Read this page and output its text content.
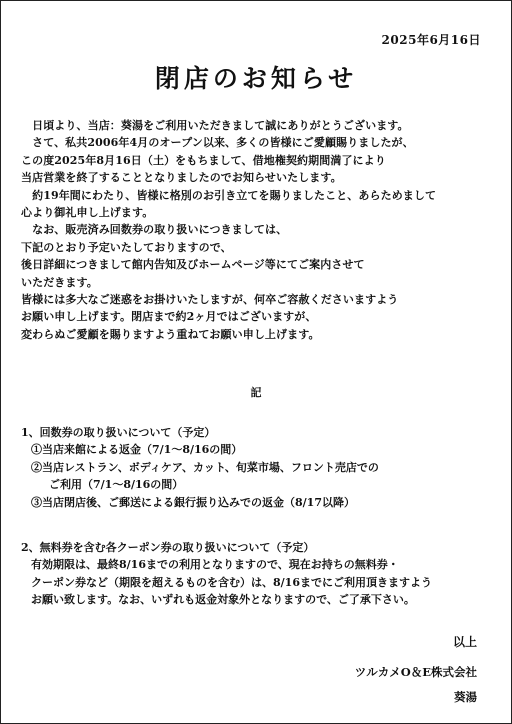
2025年6月16日
閉店のお知らせ

　日頃より、当店：葵湯をご利用いただきまして誠にありがとうございます。

　さて、私共2006年4月のオープン以来、多くの皆様にご愛顧賜りましたが、

この度2025年8月16日（土）をもちまして、借地権契約期間満了により

当店営業を終了することとなりましたのでお知らせいたします。

　約19年間にわたり、皆様に格別のお引き立てを賜りましたこと、あらためまして

心より御礼申し上げます。

　なお、販売済み回数券の取り扱いにつきましては、

下記のとおり予定いたしておりますので、

後日詳細につきまして館内告知及びホームページ等にてご案内させて

いただきます。

皆様には多大なご迷惑をお掛けいたしますが、何卒ご容赦くださいますよう

お願い申し上げます。閉店まで約2ヶ月ではございますが、

変わらぬご愛顧を賜りますよう重ねてお願い申し上げます。

記

1、回数券の取り扱いについて（予定）

①当店来館による返金（7/1～8/16の間）

②当店レストラン、ボディケア、カット、旬菜市場、フロント売店での

ご利用（7/1～8/16の間）

③当店閉店後、ご郵送による銀行振り込みでの返金（8/17以降）

2、無料券を含む各クーポン券の取り扱いについて（予定）

有効期限は、最終8/16までの利用となりますので、現在お持ちの無料券・

クーポン券など（期限を超えるものを含む）は、8/16までにご利用頂きますよう

お願い致します。なお、いずれも返金対象外となりますので、ご了承下さい。

以上
ツルカメO＆E株式会社
葵湯
